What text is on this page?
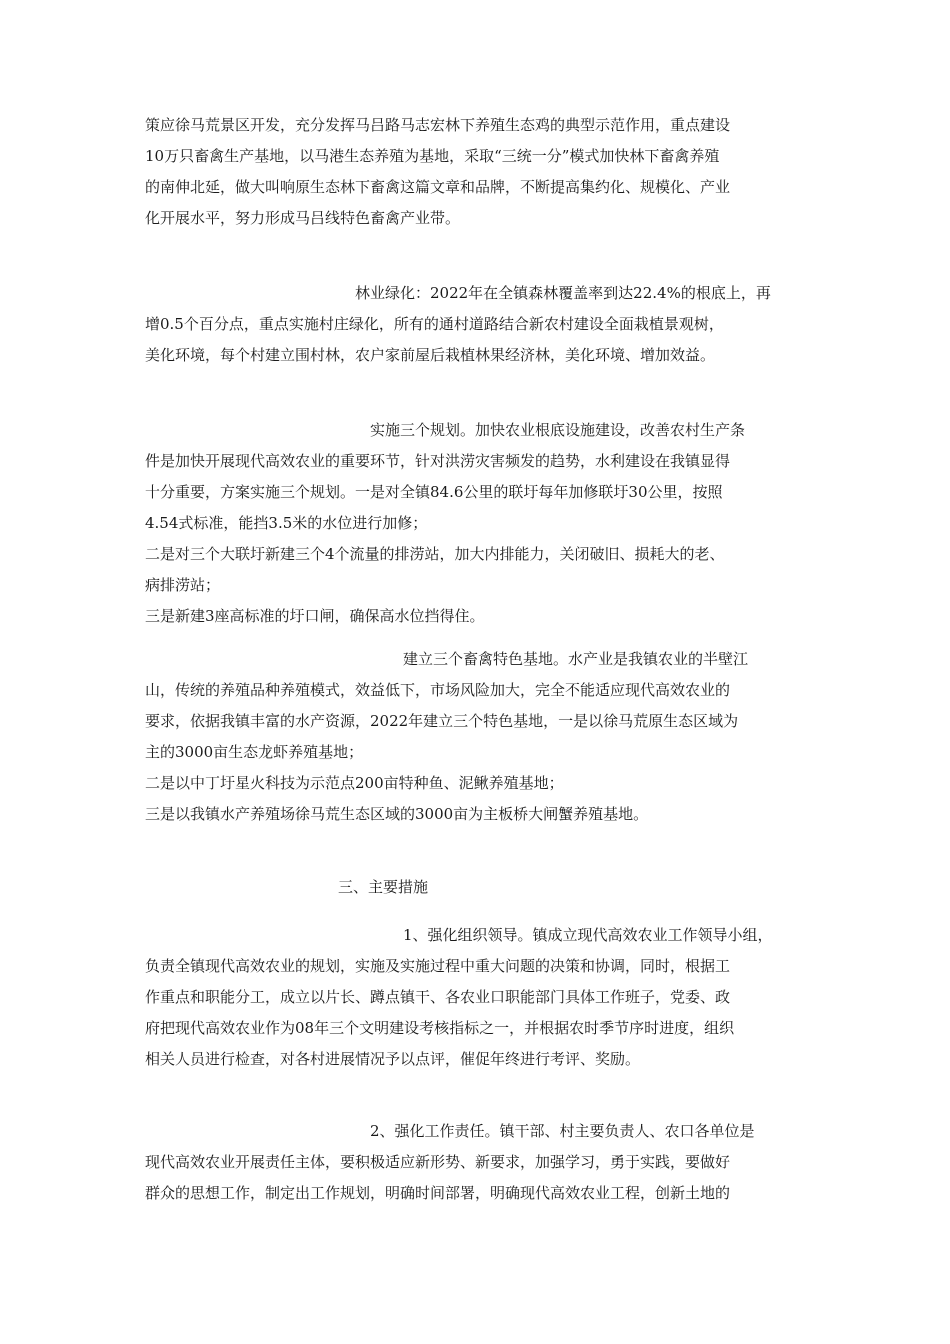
策应徐马荒景区开发，充分发挥马吕路马志宏林下养殖生态鸡的典型示范作用，重点建设
10万只畜禽生产基地，以马港生态养殖为基地，采取“三统一分”模式加快林下畜禽养殖
的南伸北延，做大叫响原生态林下畜禽这篇文章和品牌，不断提高集约化、规模化、产业
化开展水平，努力形成马吕线特色畜禽产业带。
林业绿化：2022年在全镇森林覆盖率到达22.4%的根底上，再
增0.5个百分点，重点实施村庄绿化，所有的通村道路结合新农村建设全面栽植景观树，
美化环境，每个村建立围村林，农户家前屋后栽植林果经济林，美化环境、增加效益。
实施三个规划。加快农业根底设施建设，改善农村生产条
件是加快开展现代高效农业的重要环节，针对洪涝灾害频发的趋势，水利建设在我镇显得
十分重要，方案实施三个规划。一是对全镇84.6公里的联圩每年加修联圩30公里，按照
4.54式标准，能挡3.5米的水位进行加修；
二是对三个大联圩新建三个4个流量的排涝站，加大内排能力，关闭破旧、损耗大的老、
病排涝站；
三是新建3座高标准的圩口闸，确保高水位挡得住。
建立三个畜禽特色基地。水产业是我镇农业的半壁江
山，传统的养殖品种养殖模式，效益低下，市场风险加大，完全不能适应现代高效农业的
要求，依据我镇丰富的水产资源，2022年建立三个特色基地，一是以徐马荒原生态区域为
主的3000亩生态龙虾养殖基地；
二是以中丁圩星火科技为示范点200亩特种鱼、泥鳅养殖基地；
三是以我镇水产养殖场徐马荒生态区域的3000亩为主板桥大闸蟹养殖基地。
三、主要措施
1、强化组织领导。镇成立现代高效农业工作领导小组，
负责全镇现代高效农业的规划，实施及实施过程中重大问题的决策和协调，同时，根据工
作重点和职能分工，成立以片长、蹲点镇干、各农业口职能部门具体工作班子，党委、政
府把现代高效农业作为08年三个文明建设考核指标之一，并根据农时季节序时进度，组织
相关人员进行检查，对各村进展情况予以点评，催促年终进行考评、奖励。
2、强化工作责任。镇干部、村主要负责人、农口各单位是
现代高效农业开展责任主体，要积极适应新形势、新要求，加强学习，勇于实践，要做好
群众的思想工作，制定出工作规划，明确时间部署，明确现代高效农业工程，创新土地的
